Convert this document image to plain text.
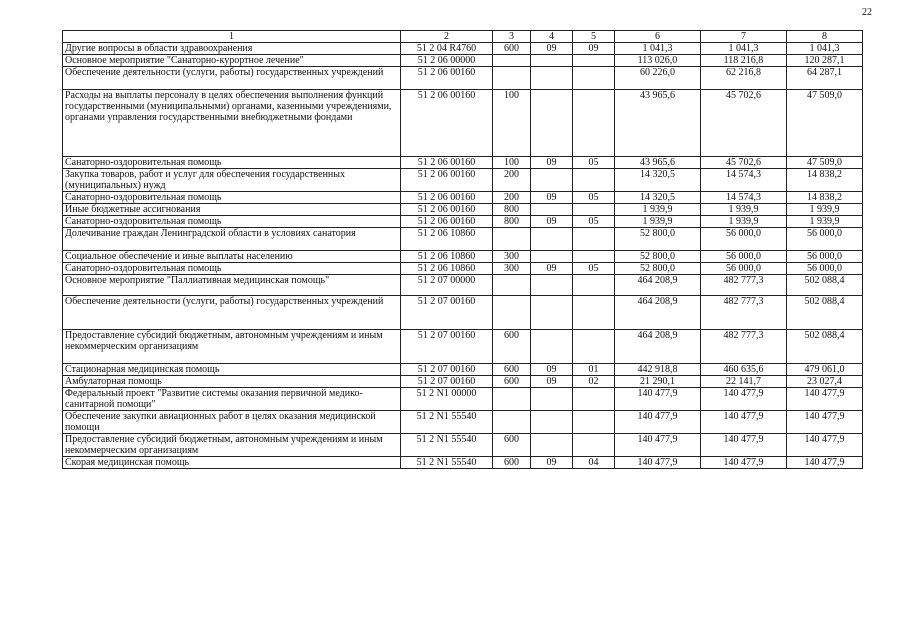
22
1	2	3	4	5	6	7	8
Другие вопросы в области здравоохранения	51 2 04 R4760	600	09	09	1 041,3	1 041,3	1 041,3
Основное мероприятие "Санаторно-курортное лечение"	51 2 06 00000				113 026,0	118 216,8	120 287,1
Обеспечение деятельности (услуги, работы) государственных учреждений	51 2 06 00160				60 226,0	62 216,8	64 287,1
Расходы на выплаты персоналу в целях обеспечения выполнения функций государственными (муниципальными) органами, казенными учреждениями, органами управления государственными внебюджетными фондами	51 2 06 00160	100			43 965,6	45 702,6	47 509,0
Санаторно-оздоровительная помощь	51 2 06 00160	100	09	05	43 965,6	45 702,6	47 509,0
Закупка товаров, работ и услуг для обеспечения государственных (муниципальных) нужд	51 2 06 00160	200			14 320,5	14 574,3	14 838,2
Санаторно-оздоровительная помощь	51 2 06 00160	200	09	05	14 320,5	14 574,3	14 838,2
Иные бюджетные ассигнования	51 2 06 00160	800			1 939,9	1 939,9	1 939,9
Санаторно-оздоровительная помощь	51 2 06 00160	800	09	05	1 939,9	1 939,9	1 939,9
Долечивание граждан Ленинградской области в условиях санатория	51 2 06 10860				52 800,0	56 000,0	56 000,0
Социальное обеспечение и иные выплаты населению	51 2 06 10860	300			52 800,0	56 000,0	56 000,0
Санаторно-оздоровительная помощь	51 2 06 10860	300	09	05	52 800,0	56 000,0	56 000,0
Основное мероприятие "Паллиативная медицинская помощь"	51 2 07 00000				464 208,9	482 777,3	502 088,4
Обеспечение деятельности (услуги, работы) государственных учреждений	51 2 07 00160				464 208,9	482 777,3	502 088,4
Предоставление субсидий бюджетным, автономным учреждениям и иным некоммерческим организациям	51 2 07 00160	600			464 208,9	482 777,3	502 088,4
Стационарная медицинская помощь	51 2 07 00160	600	09	01	442 918,8	460 635,6	479 061,0
Амбулаторная помощь	51 2 07 00160	600	09	02	21 290,1	22 141,7	23 027,4
Федеральный проект "Развитие системы оказания первичной медико-санитарной помощи"	51 2 N1 00000				140 477,9	140 477,9	140 477,9
Обеспечение закупки авиационных работ в целях оказания медицинской помощи	51 2 N1 55540				140 477,9	140 477,9	140 477,9
Предоставление субсидий бюджетным, автономным учреждениям и иным некоммерческим организациям	51 2 N1 55540	600			140 477,9	140 477,9	140 477,9
Скорая медицинская помощь	51 2 N1 55540	600	09	04	140 477,9	140 477,9	140 477,9
